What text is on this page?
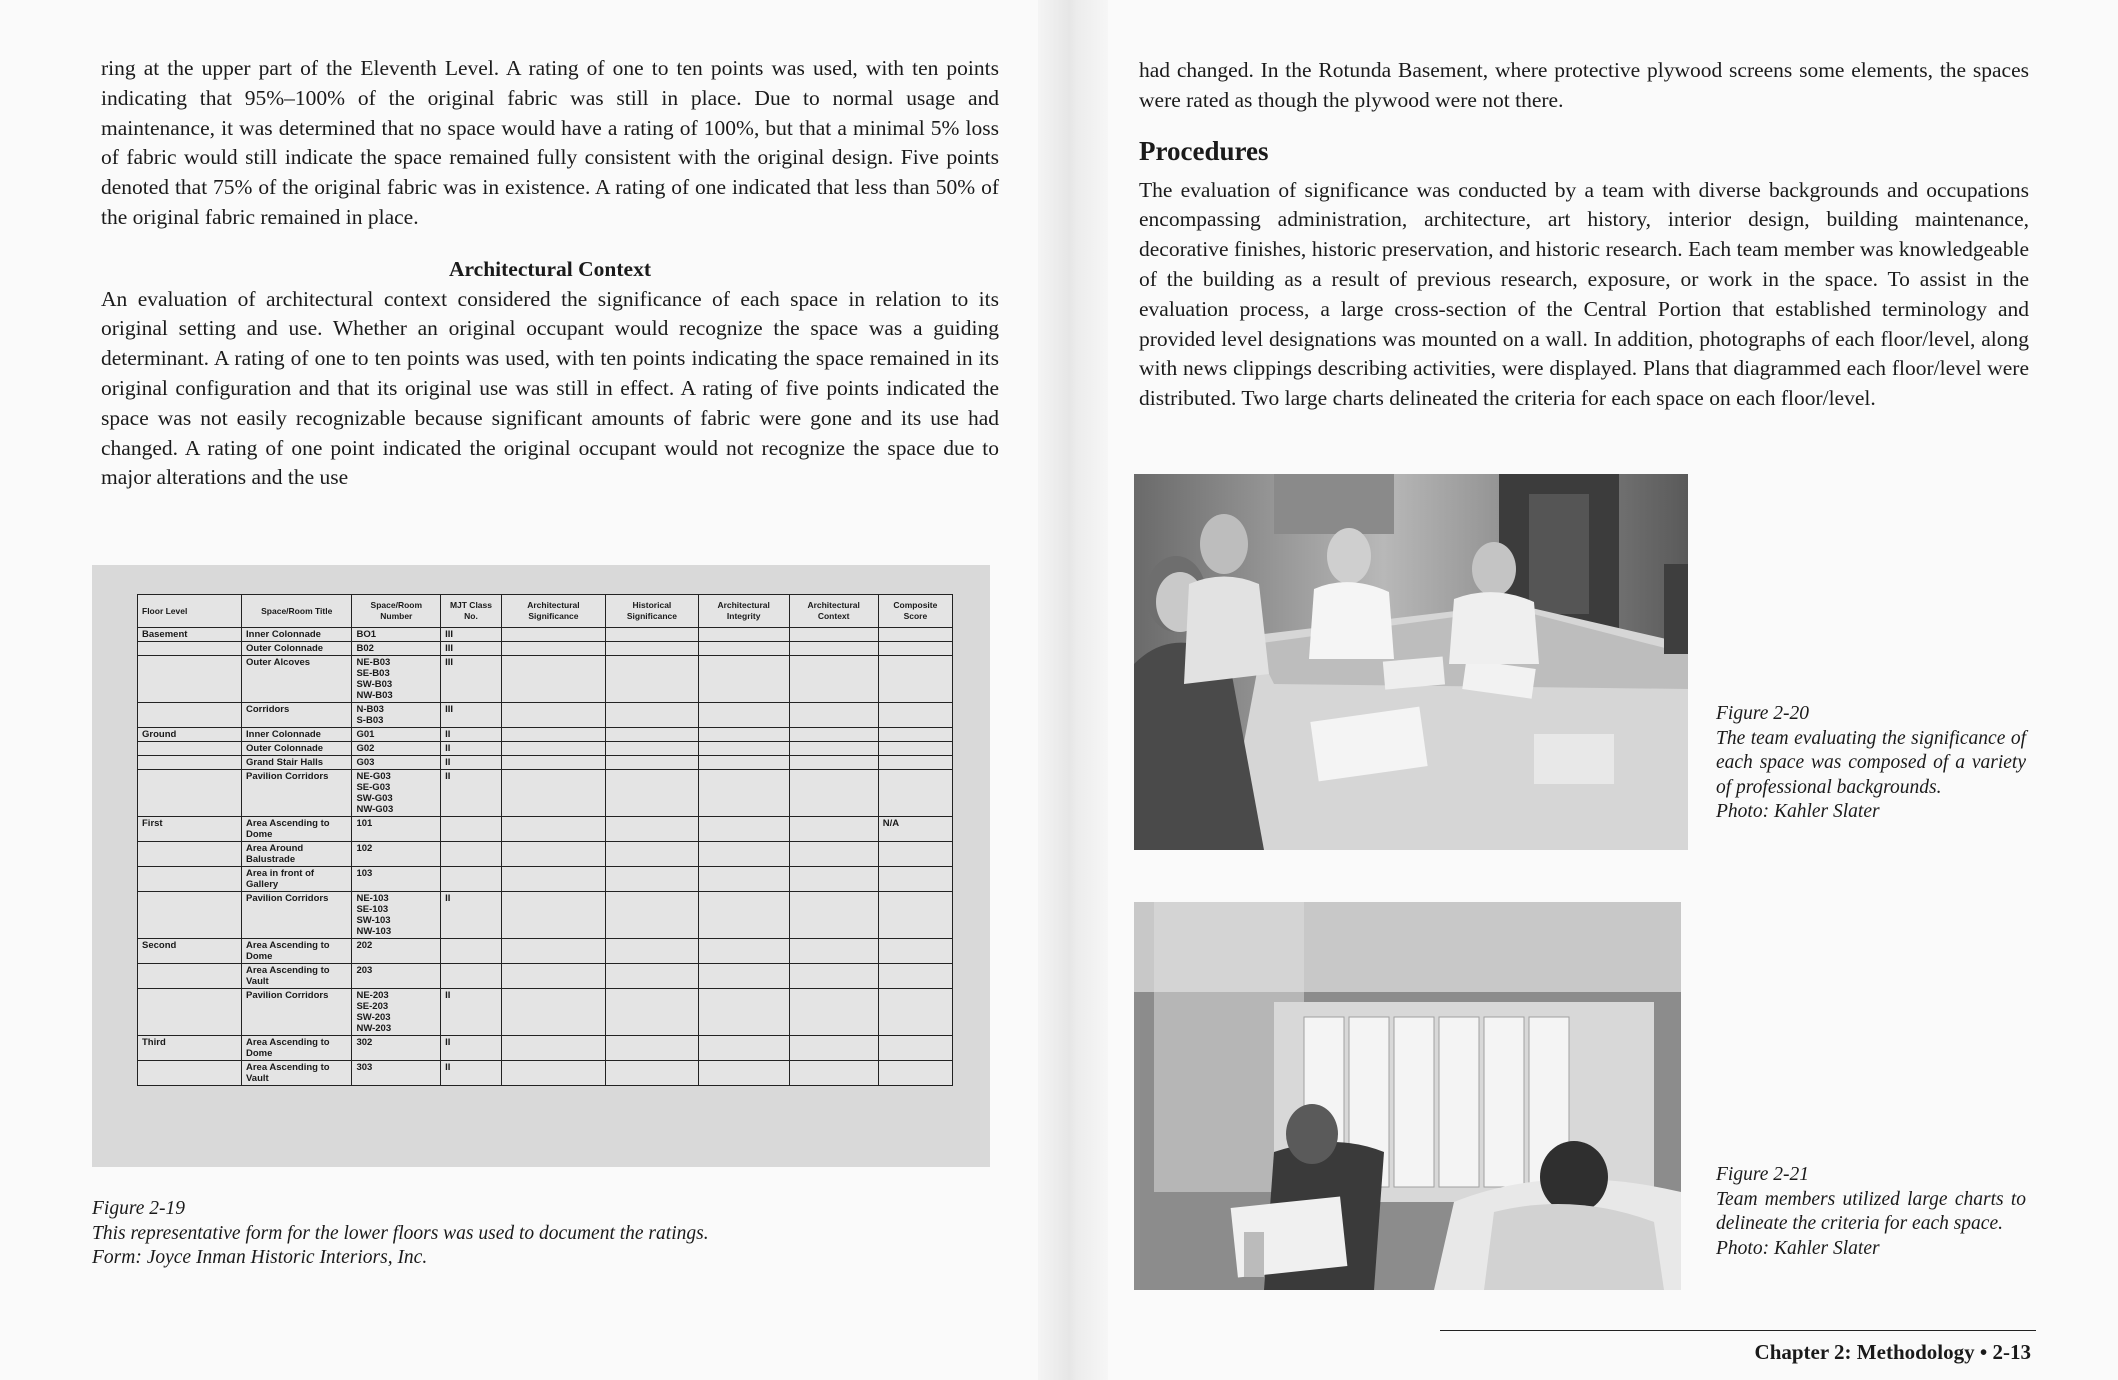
ring at the upper part of the Eleventh Level. A rating of one to ten points was used, with ten points indicating that 95%–100% of the original fabric was still in place. Due to normal usage and maintenance, it was determined that no space would have a rating of 100%, but that a minimal 5% loss of fabric would still indicate the space remained fully consistent with the original design. Five points denoted that 75% of the original fabric was in existence. A rating of one indicated that less than 50% of the original fabric remained in place.

Architectural Context

An evaluation of architectural context considered the significance of each space in relation to its original setting and use. Whether an original occupant would recognize the space was a guiding determinant. A rating of one to ten points was used, with ten points indicating the space remained in its original configuration and that its original use was still in effect. A rating of five points indicated the space was not easily recognizable because significant amounts of fabric were gone and its use had changed. A rating of one point indicated the original occupant would not recognize the space due to major alterations and the use

Floor Level	Space/Room Title	Space/Room Number	MJT Class No.	Architectural Significance	Historical Significance	Architectural Integrity	Architectural Context	Composite Score
Basement	Inner Colonnade	BO1	III					
	Outer Colonnade	B02	III					
	Outer Alcoves	NE-B03
SE-B03
SW-B03
NW-B03	III					
	Corridors	N-B03
S-B03	III					
Ground	Inner Colonnade	G01	II					
	Outer Colonnade	G02	II					
	Grand Stair Halls	G03	II					
	Pavilion Corridors	NE-G03
SE-G03
SW-G03
NW-G03	II					
First	Area Ascending to Dome	101						N/A
	Area Around Balustrade	102						
	Area in front of Gallery	103						
	Pavilion Corridors	NE-103
SE-103
SW-103
NW-103	II					
Second	Area Ascending to Dome	202						
	Area Ascending to Vault	203						
	Pavilion Corridors	NE-203
SE-203
SW-203
NW-203	II					
Third	Area Ascending to Dome	302	II					
	Area Ascending to Vault	303	II					
Figure 2-19
This representative form for the lower floors was used to document the ratings.
Form: Joyce Inman Historic Interiors, Inc.

had changed. In the Rotunda Basement, where protective plywood screens some elements, the spaces were rated as though the plywood were not there.

Procedures

The evaluation of significance was conducted by a team with diverse backgrounds and occupations encompassing administration, architecture, art history, interior design, building maintenance, decorative finishes, historic preservation, and historic research. Each team member was knowledgeable of the building as a result of previous research, exposure, or work in the space. To assist in the evaluation process, a large cross-section of the Central Portion that established terminology and provided level designations was mounted on a wall. In addition, photographs of each floor/level, along with news clippings describing activities, were displayed. Plans that diagrammed each floor/level were distributed. Two large charts delineated the criteria for each space on each floor/level.

Figure 2-20
The team evaluating the significance of each space was composed of a variety of professional backgrounds.
Photo: Kahler Slater
Figure 2-21
Team members utilized large charts to delineate the criteria for each space.
Photo: Kahler Slater
Chapter 2: Methodology • 2-13
